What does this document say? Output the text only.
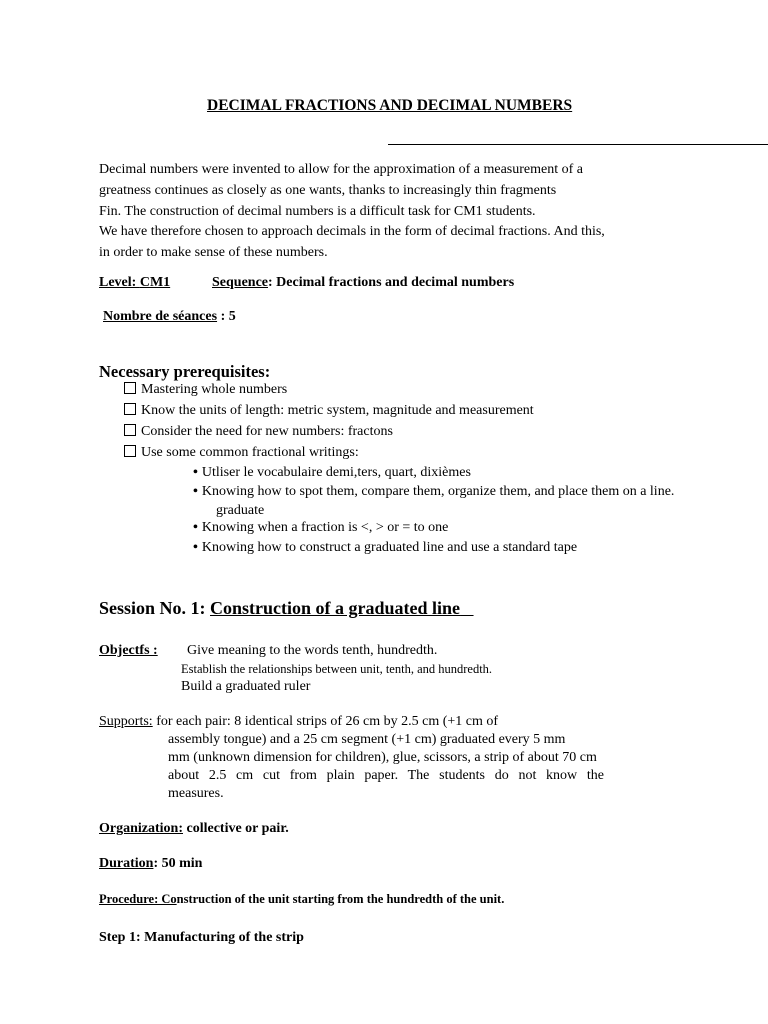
DECIMAL FRACTIONS AND DECIMAL NUMBERS
Decimal numbers were invented to allow for the approximation of a measurement of a
greatness continues as closely as one wants, thanks to increasingly thin fragments
Fin. The construction of decimal numbers is a difficult task for CM1 students.
We have therefore chosen to approach decimals in the form of decimal fractions. And this,
in order to make sense of these numbers.
Level: CM1	Sequence: Decimal fractions and decimal numbers
Nombre de séances : 5
Necessary prerequisites:
Mastering whole numbers
Know the units of length: metric system, magnitude and measurement
Consider the need for new numbers: fractons
Use some common fractional writings:
• Utliser le vocabulaire demi,ters, quart, dixièmes
• Knowing how to spot them, compare them, organize them, and place them on a line.
graduate
• Knowing when a fraction is <, > or = to one
• Knowing how to construct a graduated line and use a standard tape
Session No. 1: Construction of a graduated line
Objectfs : Give meaning to the words tenth, hundredth.
Establish the relationships between unit, tenth, and hundredth.
Build a graduated ruler
Supports: for each pair: 8 identical strips of 26 cm by 2.5 cm (+1 cm of
assembly tongue) and a 25 cm segment (+1 cm) graduated every 5 mm
mm (unknown dimension for children), glue, scissors, a strip of about 70 cm
about 2.5 cm cut from plain paper. The students do not know the
measures.
Organization: collective or pair.
Duration: 50 min
Procedure: Construction of the unit starting from the hundredth of the unit.
Step 1: Manufacturing of the strip
